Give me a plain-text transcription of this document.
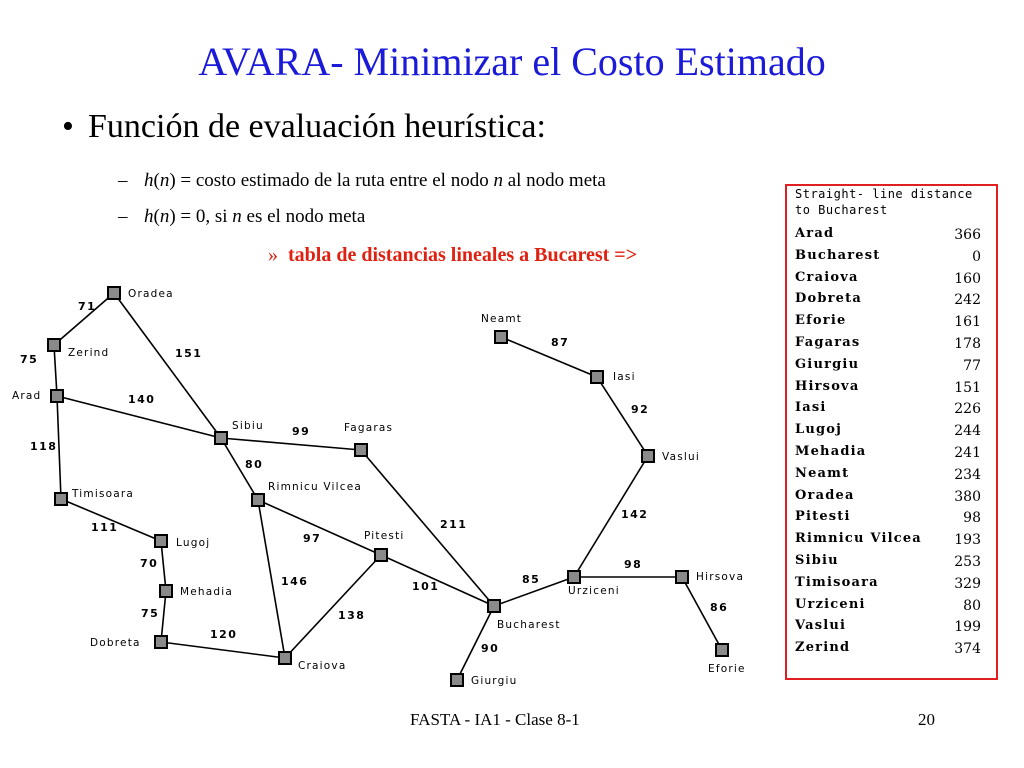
AVARA- Minimizar el Costo Estimado
• Función de evaluación heurística:
– h(n) = costo estimado de la ruta entre el nodo n al nodo meta
– h(n) = 0, si n es el nodo meta
» tabla de distancias lineales a Bucarest =>
71
75	151
140
118
111
70
75
120
99
80
97
146
138
211
101
90
85
98
86
142
92
87
Oradea
Zerind
Arad
Timisoara
Lugoj
Mehadia
Dobreta
Craiova
Sibiu
Rimnicu Vilcea
Fagaras
Pitesti
Bucharest
Giurgiu
Urziceni
Hirsova
Eforie
Vaslui
Iasi
Neamt
Straight- line distance
to Bucharest
Arad	366
Bucharest	0
Craiova	160
Dobreta	242
Eforie	161
Fagaras	178
Giurgiu	77
Hirsova	151
Iasi	226
Lugoj	244
Mehadia	241
Neamt	234
Oradea	380
Pitesti	98
Rimnicu Vilcea 193
Sibiu	253
Timisoara	329
Urziceni	80
Vaslui	199
Zerind	374
FASTA - IA1 - Clase 8-1	20
